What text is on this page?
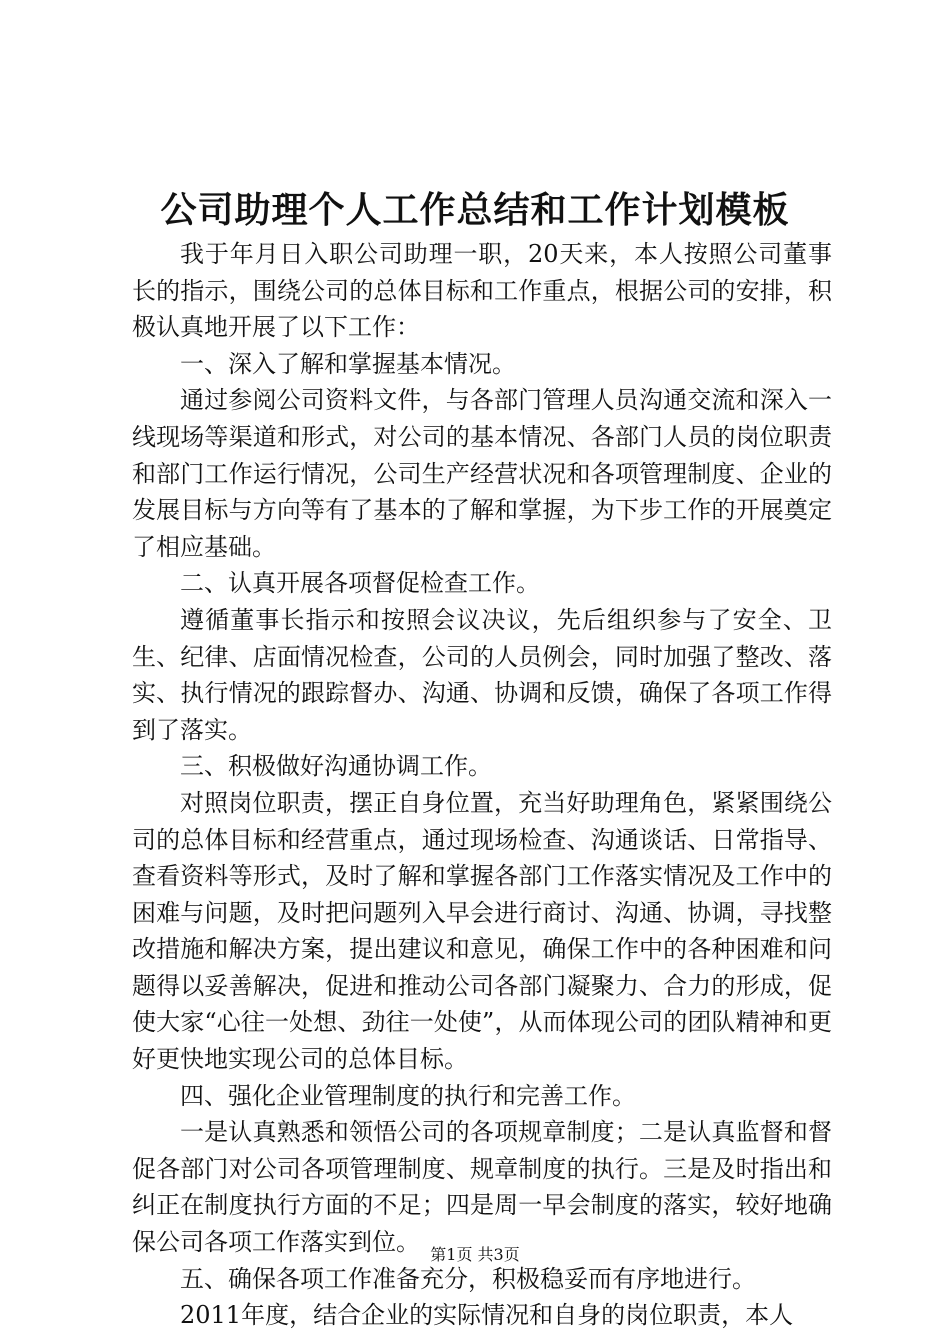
公司助理个人工作总结和工作计划模板

我于年月日入职公司助理一职，20天来，本人按照公司董事长的指示，围绕公司的总体目标和工作重点，根据公司的安排，积极认真地开展了以下工作：

一、深入了解和掌握基本情况。

通过参阅公司资料文件，与各部门管理人员沟通交流和深入一线现场等渠道和形式，对公司的基本情况、各部门人员的岗位职责和部门工作运行情况，公司生产经营状况和各项管理制度、企业的发展目标与方向等有了基本的了解和掌握，为下步工作的开展奠定了相应基础。

二、认真开展各项督促检查工作。

遵循董事长指示和按照会议决议，先后组织参与了安全、卫生、纪律、店面情况检查，公司的人员例会，同时加强了整改、落实、执行情况的跟踪督办、沟通、协调和反馈，确保了各项工作得到了落实。

三、积极做好沟通协调工作。

对照岗位职责，摆正自身位置，充当好助理角色，紧紧围绕公司的总体目标和经营重点，通过现场检查、沟通谈话、日常指导、查看资料等形式，及时了解和掌握各部门工作落实情况及工作中的困难与问题，及时把问题列入早会进行商讨、沟通、协调，寻找整改措施和解决方案，提出建议和意见，确保工作中的各种困难和问题得以妥善解决，促进和推动公司各部门凝聚力、合力的形成，促使大家“心往一处想、劲往一处使”，从而体现公司的团队精神和更好更快地实现公司的总体目标。

四、强化企业管理制度的执行和完善工作。

一是认真熟悉和领悟公司的各项规章制度；二是认真监督和督促各部门对公司各项管理制度、规章制度的执行。三是及时指出和纠正在制度执行方面的不足；四是周一早会制度的落实，较好地确保公司各项工作落实到位。

五、确保各项工作准备充分，积极稳妥而有序地进行。

2011年度，结合企业的实际情况和自身的岗位职责，本人

第1页 共3页
